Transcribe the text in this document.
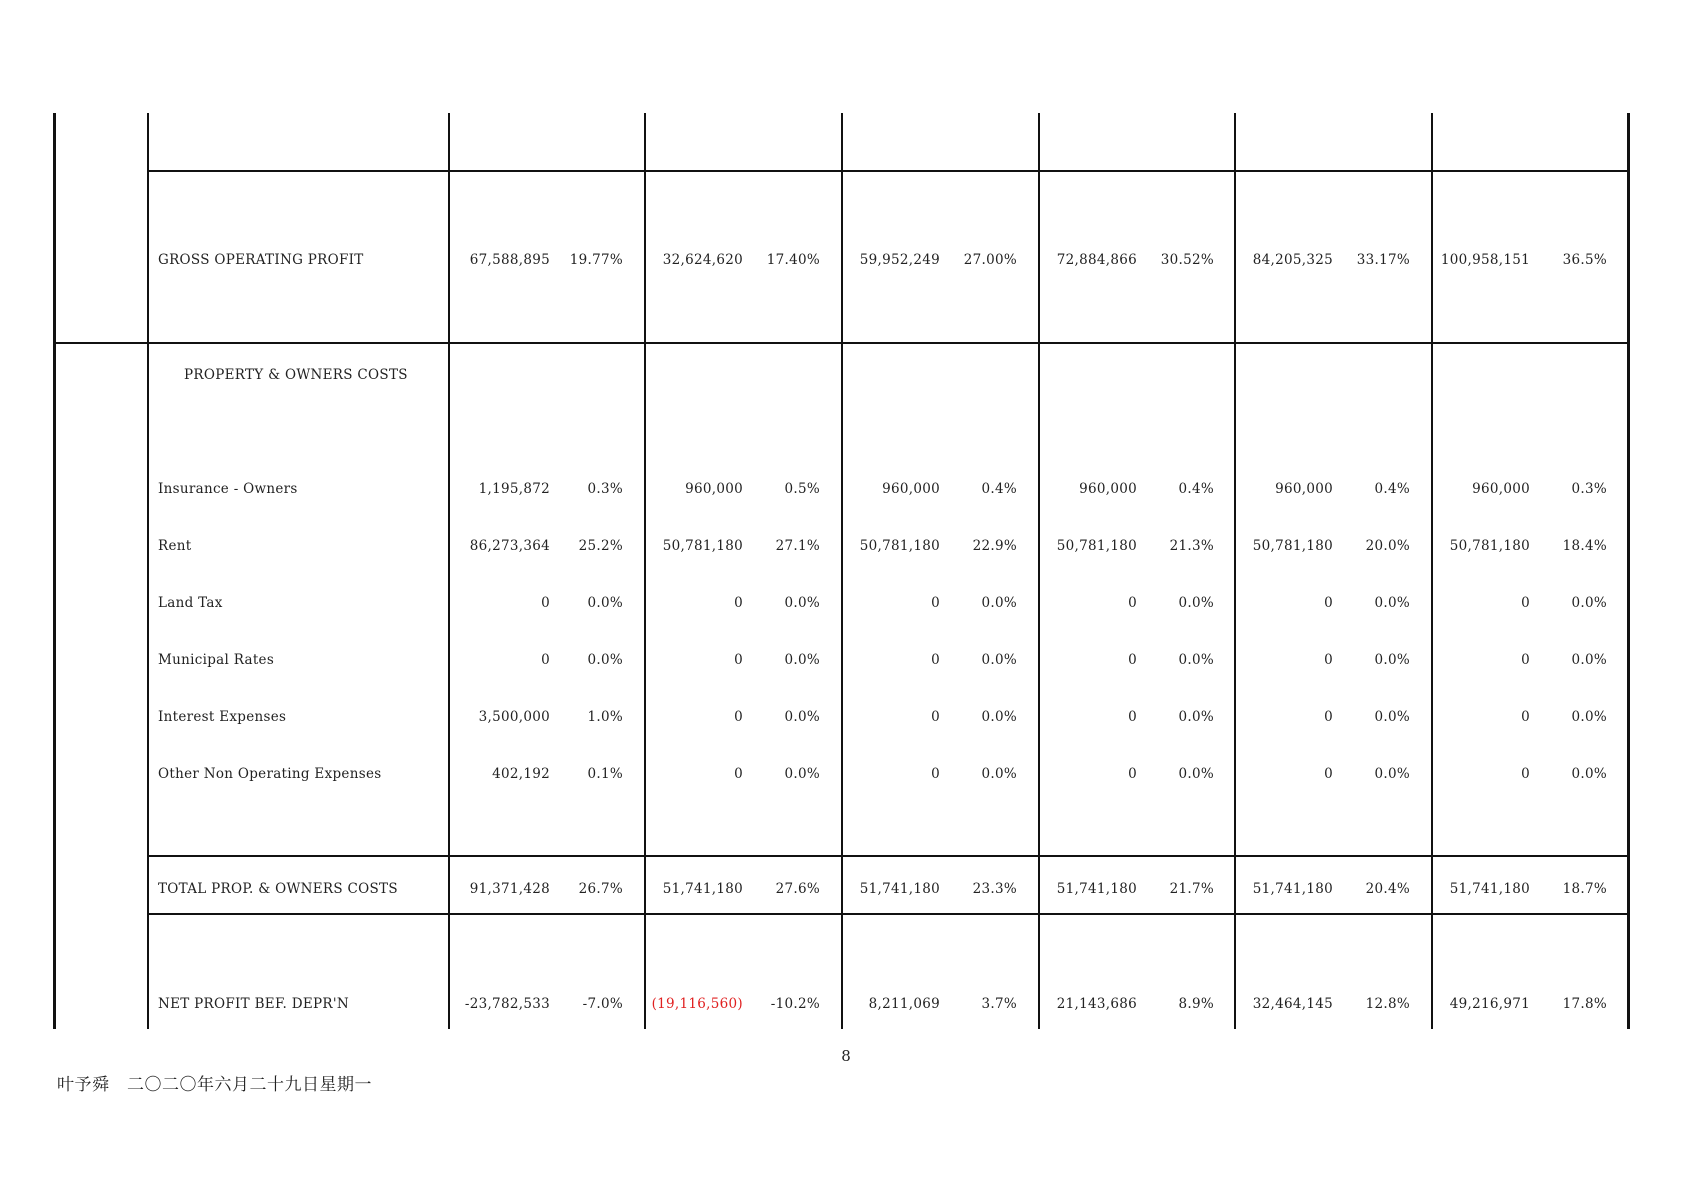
GROSS OPERATING PROFIT	67,588,895	19.77%	32,624,620	17.40%	59,952,249	27.00%	72,884,866	30.52%	84,205,325	33.17%	100,958,151	36.5%
PROPERTY & OWNERS COSTS
Insurance - Owners	1,195,872	0.3%	960,000	0.5%	960,000	0.4%	960,000	0.4%	960,000	0.4%	960,000	0.3%
Rent	86,273,364	25.2%	50,781,180	27.1%	50,781,180	22.9%	50,781,180	21.3%	50,781,180	20.0%	50,781,180	18.4%
Land Tax	0	0.0%	0	0.0%	0	0.0%	0	0.0%	0	0.0%	0	0.0%
Municipal Rates	0	0.0%	0	0.0%	0	0.0%	0	0.0%	0	0.0%	0	0.0%
Interest Expenses	3,500,000	1.0%	0	0.0%	0	0.0%	0	0.0%	0	0.0%	0	0.0%
Other Non Operating Expenses	402,192	0.1%	0	0.0%	0	0.0%	0	0.0%	0	0.0%	0	0.0%
TOTAL PROP. & OWNERS COSTS	91,371,428	26.7%	51,741,180	27.6%	51,741,180	23.3%	51,741,180	21.7%	51,741,180	20.4%	51,741,180	18.7%
NET PROFIT BEF. DEPR'N	-23,782,533	-7.0%	(19,116,560)	-10.2%	8,211,069	3.7%	21,143,686	8.9%	32,464,145	12.8%	49,216,971	17.8%
8
叶予舜　二〇二〇年六月二十九日星期一
